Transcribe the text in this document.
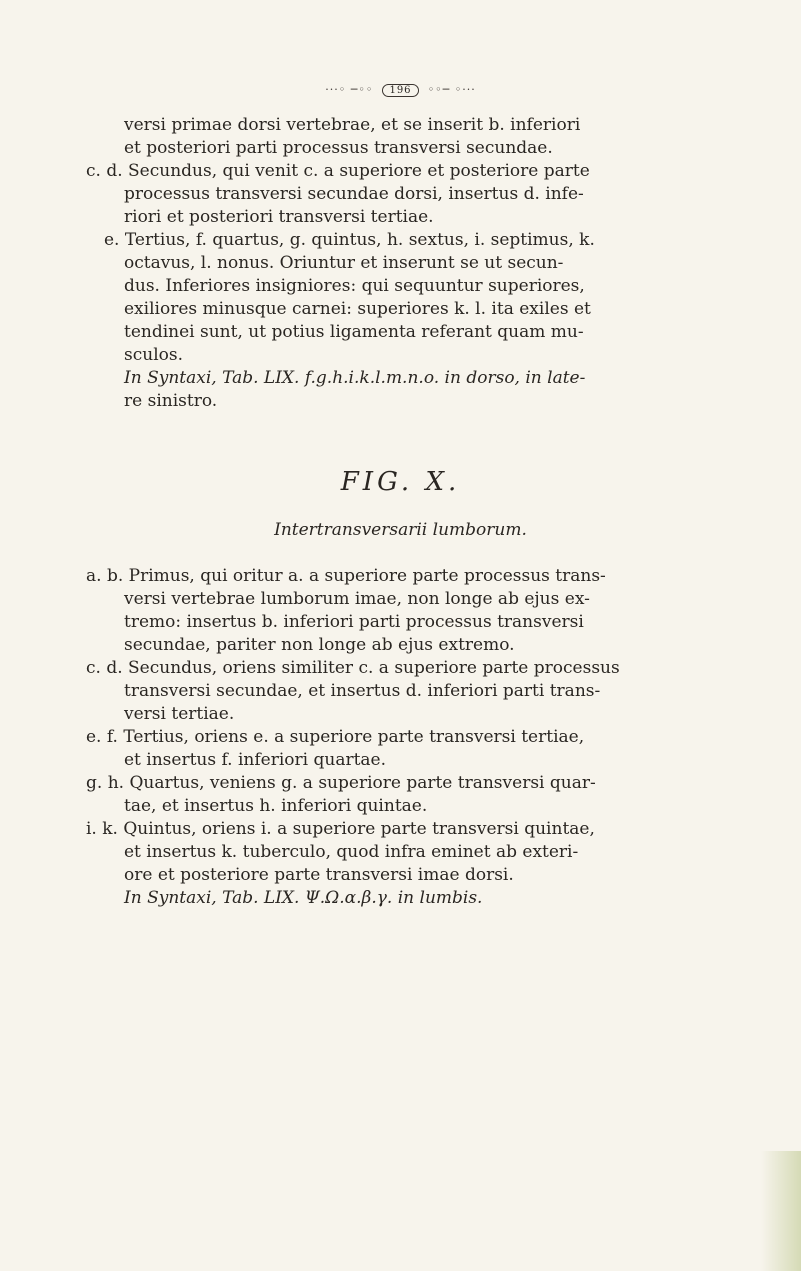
···◦ ─◦◦ 196 ◦◦─ ◦···
versi primae dorsi vertebrae, et se inserit b. inferiori
et posteriori parti processus transversi secundae.
c. d. Secundus, qui venit c. a superiore et posteriore parte
processus transversi secundae dorsi, insertus d. infe-
riori et posteriori transversi tertiae.
e. Tertius, f. quartus, g. quintus, h. sextus, i. septimus, k.
octavus, l. nonus. Oriuntur et inserunt se ut secun-
dus. Inferiores insigniores: qui sequuntur superiores,
exiliores minusque carnei: superiores k. l. ita exiles et
tendinei sunt, ut potius ligamenta referant quam mu-
sculos.
In Syntaxi, Tab. LIX. f.g.h.i.k.l.m.n.o. in dorso, in late-
re sinistro.
FIG. X.
Intertransversarii lumborum.
a. b. Primus, qui oritur a. a superiore parte processus trans-
versi vertebrae lumborum imae, non longe ab ejus ex-
tremo: insertus b. inferiori parti processus transversi
secundae, pariter non longe ab ejus extremo.
c. d. Secundus, oriens similiter c. a superiore parte processus
transversi secundae, et insertus d. inferiori parti trans-
versi tertiae.
e. f. Tertius, oriens e. a superiore parte transversi tertiae,
et insertus f. inferiori quartae.
g. h. Quartus, veniens g. a superiore parte transversi quar-
tae, et insertus h. inferiori quintae.
i. k. Quintus, oriens i. a superiore parte transversi quintae,
et insertus k. tuberculo, quod infra eminet ab exteri-
ore et posteriore parte transversi imae dorsi.
In Syntaxi, Tab. LIX. Ψ.Ω.α.β.γ. in lumbis.
